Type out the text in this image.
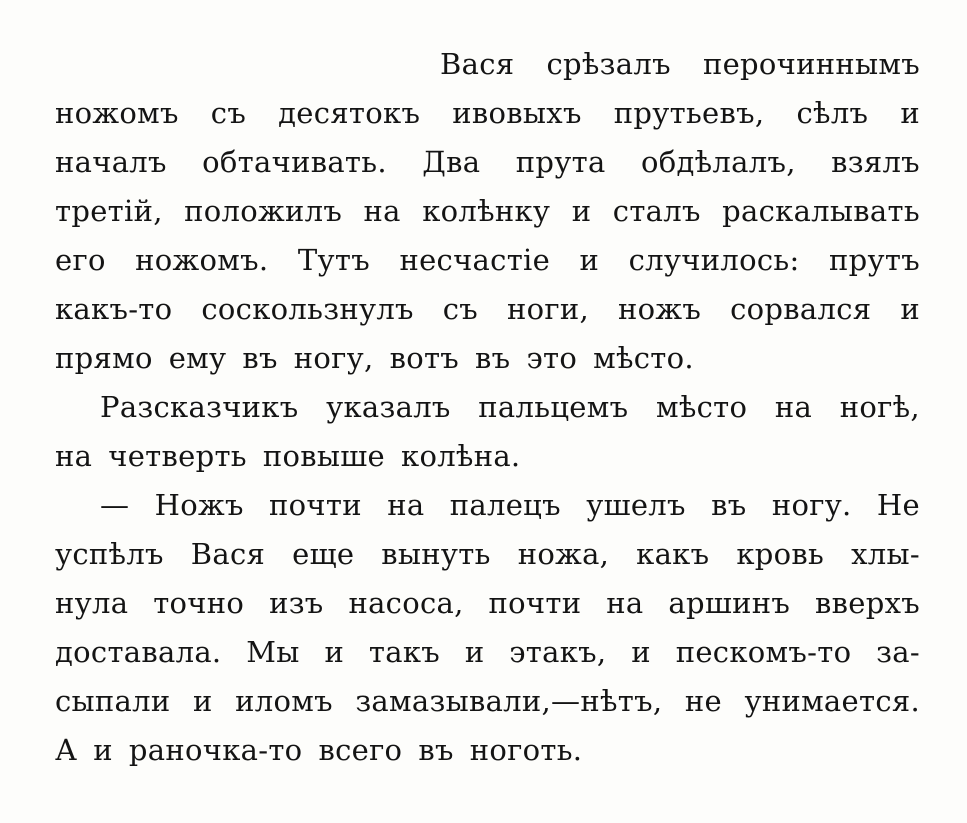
Вася срѣзалъ перочиннымъ
ножомъ съ десятокъ ивовыхъ прутьевъ, сѣлъ и
началъ обтачивать. Два прута обдѣлалъ, взялъ
третій, положилъ на колѣнку и сталъ раскалывать
его ножомъ. Тутъ несчастіе и случилось: прутъ
какъ-то соскользнулъ съ ноги, ножъ сорвался и
прямо ему въ ногу, вотъ въ это мѣсто.
Разсказчикъ указалъ пальцемъ мѣсто на ногѣ,
на четверть повыше колѣна.
— Ножъ почти на палецъ ушелъ въ ногу. Не
успѣлъ Вася еще вынуть ножа, какъ кровь хлы-
нула точно изъ насоса, почти на аршинъ вверхъ
доставала. Мы и такъ и этакъ, и пескомъ-то за-
сыпали и иломъ замазывали,—нѣтъ, не унимается.
А и раночка-то всего въ ноготь.
